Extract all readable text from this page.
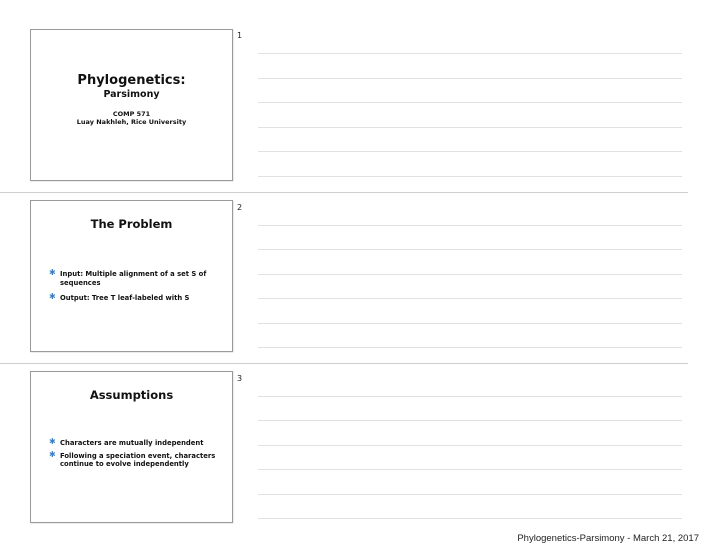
Phylogenetics:
Parsimony
COMP 571
Luay Nakhleh, Rice University
1
The Problem
✱ Input: Multiple alignment of a set S of sequences
✱ Output: Tree T leaf-labeled with S
2
Assumptions
✱ Characters are mutually independent
✱ Following a speciation event, characters continue to evolve independently
3
Phylogenetics-Parsimony - March 21, 2017
